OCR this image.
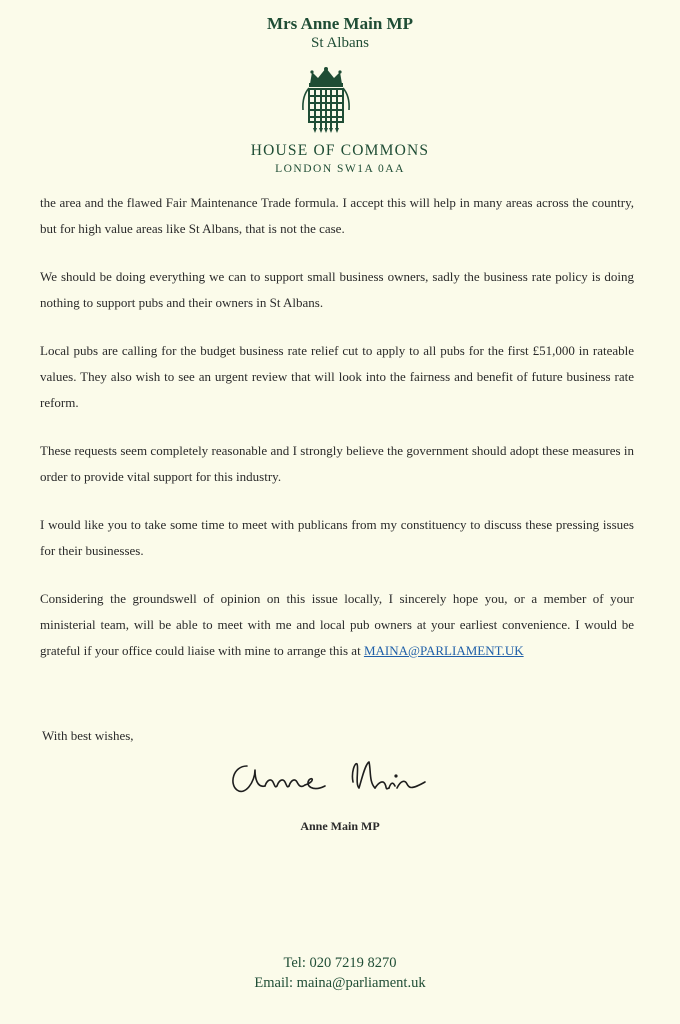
Mrs Anne Main MP
St Albans
HOUSE OF COMMONS
LONDON SW1A 0AA

the area and the flawed Fair Maintenance Trade formula. I accept this will help in many areas across the country, but for high value areas like St Albans, that is not the case.

We should be doing everything we can to support small business owners, sadly the business rate policy is doing nothing to support pubs and their owners in St Albans.

Local pubs are calling for the budget business rate relief cut to apply to all pubs for the first £51,000 in rateable values. They also wish to see an urgent review that will look into the fairness and benefit of future business rate reform.

These requests seem completely reasonable and I strongly believe the government should adopt these measures in order to provide vital support for this industry.

I would like you to take some time to meet with publicans from my constituency to discuss these pressing issues for their businesses.

Considering the groundswell of opinion on this issue locally, I sincerely hope you, or a member of your ministerial team, will be able to meet with me and local pub owners at your earliest convenience. I would be grateful if your office could liaise with mine to arrange this at MAINA@PARLIAMENT.UK

With best wishes,
Anne Main MP
Tel: 020 7219 8270
Email: maina@parliament.uk
